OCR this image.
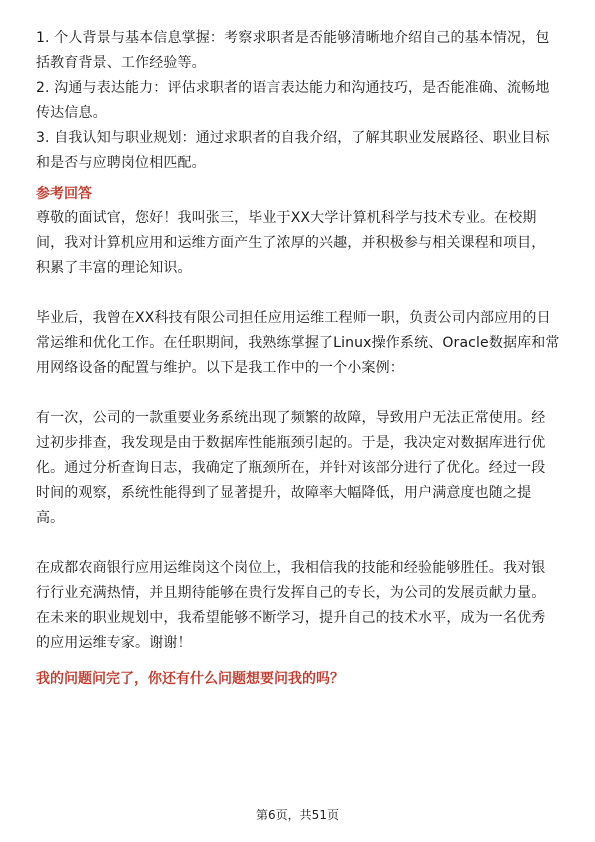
1. 个人背景与基本信息掌握：考察求职者是否能够清晰地介绍自己的基本情况，包
括教育背景、工作经验等。
2. 沟通与表达能力：评估求职者的语言表达能力和沟通技巧，是否能准确、流畅地
传达信息。
3. 自我认知与职业规划：通过求职者的自我介绍，了解其职业发展路径、职业目标
和是否与应聘岗位相匹配。
参考回答
尊敬的面试官，您好！我叫张三，毕业于XX大学计算机科学与技术专业。在校期
间，我对计算机应用和运维方面产生了浓厚的兴趣，并积极参与相关课程和项目，
积累了丰富的理论知识。
毕业后，我曾在XX科技有限公司担任应用运维工程师一职，负责公司内部应用的日
常运维和优化工作。在任职期间，我熟练掌握了Linux操作系统、Oracle数据库和常
用网络设备的配置与维护。以下是我工作中的一个小案例：
有一次，公司的一款重要业务系统出现了频繁的故障，导致用户无法正常使用。经
过初步排查，我发现是由于数据库性能瓶颈引起的。于是，我决定对数据库进行优
化。通过分析查询日志，我确定了瓶颈所在，并针对该部分进行了优化。经过一段
时间的观察，系统性能得到了显著提升，故障率大幅降低，用户满意度也随之提
高。
在成都农商银行应用运维岗这个岗位上，我相信我的技能和经验能够胜任。我对银
行行业充满热情，并且期待能够在贵行发挥自己的专长，为公司的发展贡献力量。
在未来的职业规划中，我希望能够不断学习，提升自己的技术水平，成为一名优秀
的应用运维专家。谢谢！
我的问题问完了，你还有什么问题想要问我的吗？
第6页，共51页
